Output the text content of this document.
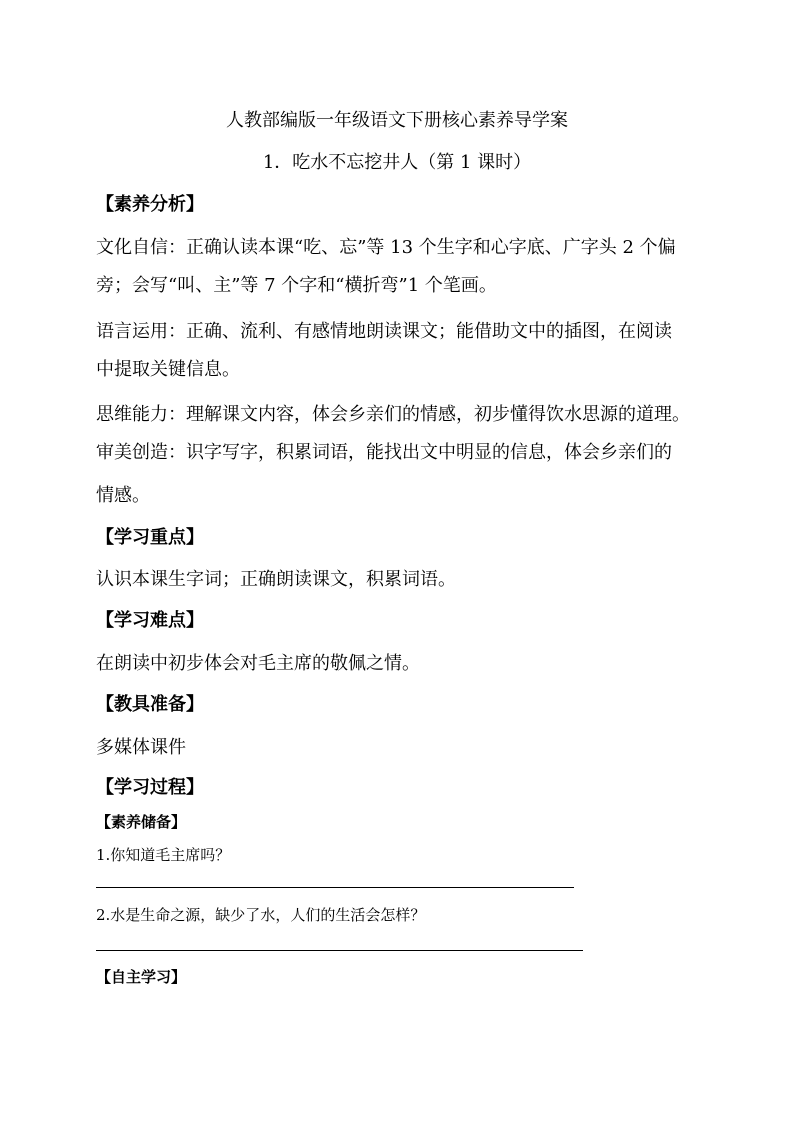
人教部编版一年级语文下册核心素养导学案
1．吃水不忘挖井人（第 1 课时）
【素养分析】
文化自信：正确认读本课“吃、忘”等 13 个生字和心字底、广字头 2 个偏
旁；会写“叫、主”等 7 个字和“横折弯”1 个笔画。
语言运用：正确、流利、有感情地朗读课文；能借助文中的插图，在阅读
中提取关键信息。
思维能力：理解课文内容，体会乡亲们的情感，初步懂得饮水思源的道理。
审美创造：识字写字，积累词语，能找出文中明显的信息，体会乡亲们的
情感。
【学习重点】
认识本课生字词；正确朗读课文，积累词语。
【学习难点】
在朗读中初步体会对毛主席的敬佩之情。
【教具准备】
多媒体课件
【学习过程】
【素养储备】
1.你知道毛主席吗？
2.水是生命之源，缺少了水，人们的生活会怎样？
【自主学习】
